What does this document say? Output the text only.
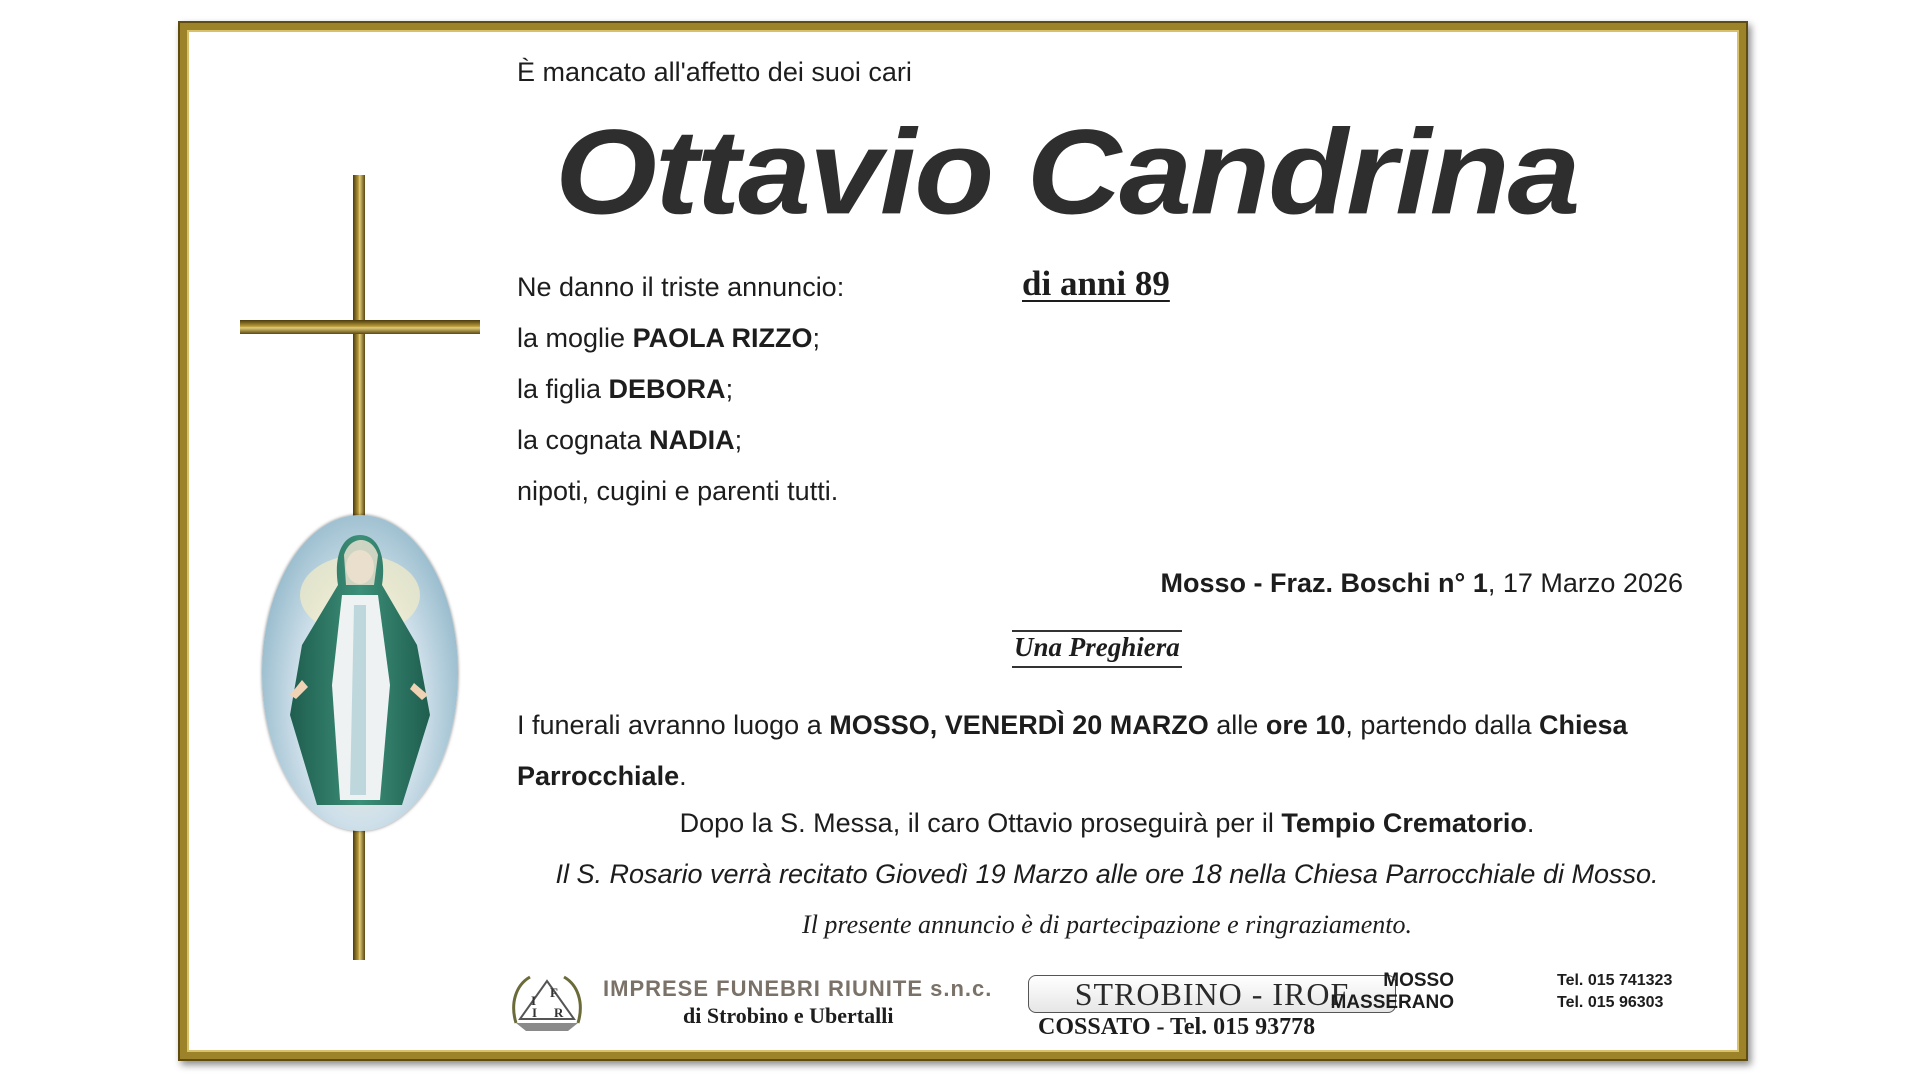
È mancato all'affetto dei suoi cari
Ottavio Candrina
di anni 89
Ne danno il triste annuncio:
la moglie PAOLA RIZZO;
la figlia DEBORA;
la cognata NADIA;
nipoti, cugini e parenti tutti.
Mosso - Fraz. Boschi n° 1, 17 Marzo 2026
Una Preghiera
I funerali avranno luogo a MOSSO, VENERDÌ 20 MARZO alle ore 10, partendo dalla Chiesa Parrocchiale.
Dopo la S. Messa, il caro Ottavio proseguirà per il Tempio Crematorio.
Il S. Rosario verrà recitato Giovedì 19 Marzo alle ore 18 nella Chiesa Parrocchiale di Mosso.
Il presente annuncio è di partecipazione e ringraziamento.
I
F
I R
IMPRESE FUNEBRI RIUNITE s.n.c.
di Strobino e Ubertalli
STROBINO - IROF
COSSATO - Tel. 015 93778
MOSSO	Tel. 015 741323
MASSERANO	Tel. 015 96303
